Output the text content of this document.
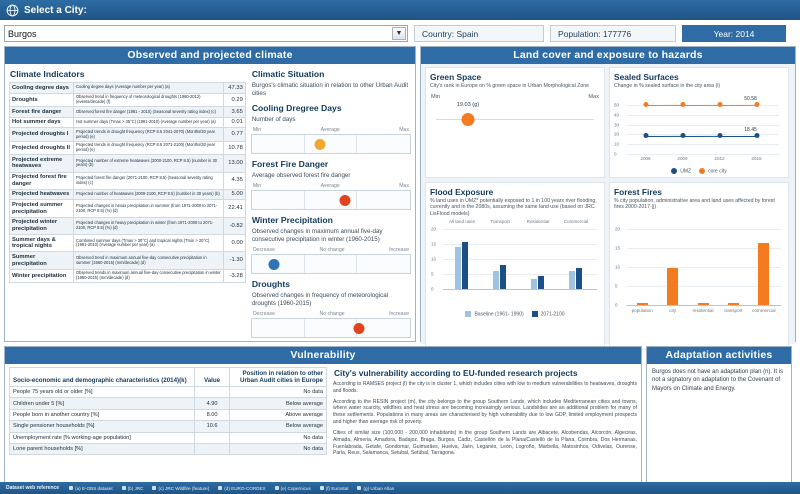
Select a City:
Burgos	▼	Country: Spain	Population: 177776	Year: 2014
Observed and projected climate
Climate Indicators
Cooling degree days	Cooling degree days (Average number per year) (a)	47.33
Droughts	Observed trend in frequency of meteorological droughts (1960-2012) (events/decade) (f)	0.29
Forest fire danger	Observed forest fire danger (1981 - 2010) (Seasonal severity rating index) (c)	3.65
Hot summer days	Hot summer days (Tmax > 35°C) (1981-2010) (Average number per year) (a)	0.01
Projected droughts I	Projected trends in drought frequency (RCP 8.5 2041-2070) (Months/30 year period) (e)	0.77
Projected droughts II	Projected trends in drought frequency (RCP 8.5 2071-2100) (Months/30 year period) (e)	10.78
Projected extreme heatwaves	Projected number of extreme heatwaves (2000-2100, RCP 8.5) (number in 30 years) (b)	13.00
Projected forest fire danger	Projected forest fire danger (2071-2100, RCP 8.5) (Seasonal severity rating index) (c)	4.35
Projected heatwaves	Projected number of heatwaves (2000-2100, RCP 8.5) (number in 30 years) (b)	5.00
Projected summer precipitation	Projected changes in hexax precipitation in summer (from 1971-2000 to 2071-2100, RCP 8.5) (%) (d)	22.41
Projected winter precipitation	Projected changes in heavy precipitation in winter (from 1971-2000 to 2071-2100, RCP 8.5) (%) (d)	-0.82
Summer days & tropical nights	Combined summer days (Tmax > 30°C) and tropical nights (Tmin > 20°C) (1981-2010) (Average number per year) (a)	0.00
Summer precipitation	Observed trend in maximum annual five-day consecutive precipitation in summer (1960-2015) (mm/decade) (d)	-1.30
Winter precipitation	Observed trends in maximum annual five-day consecutive precipitation in winter (1960-2015) (mm/decade) (d)	-3.28
Climatic Situation
Burgos's climatic situation in relation to other Urban Audit cities
Cooling Dregree Days
Number of days
Min	Average	Max
Forest Fire Danger
Average observed forest fire danger
Min	Average	Max
Winter Precipitation
Observed changes in maximum annual five-day consecutive precipitation in winter (1960-2015)
Decrease	No change	Increase
Droughts
Observed changes in frequency of meteorological droughts (1960-2015)
Decrease	No change	Increase
Land cover and exposure to hazards
Green Space
City's rank in Europe on % green space in Urban Morphological Zone
Min	Max
19.03 (g)
Sealed Surfaces
Change in % sealed surface in the city area (i)
0
10
20
30
40
50
2006	2009	2012	2015
18.45
50.58
UMZ	core city
Flood Exposure
% land uses in UMZ* potentially exposed to 1 in 100 years river flooding, currently and in the 2080s, assuming the same land use (based on JRC LisFlood models)
0
5
10
15
20
All land uses	Transport	Residential	Commercial
Baseline (1961- 1990)	2071-2100
Forest Fires
% city population, administrative area and land uses affected by forest fires 2000-2017 (j)
0
5
10
15
20
population	city	residential	transport	commercial
Vulnerability
Socio-economic and demographic characteristics (2014)(k)	Value	Position in relation to other Urban Audit cities in Europe
People 75 years old or older [%]		No data
Children under 5 [%]	4.90	Below average
People born in another country [%]	8.00	Above average
Single pensioner households [%]	10.6	Below average
Unemployment rate [% working-age population]		No data
Lone parent households [%]		No data
City's vulnerability according to EU-funded research projects
According to RAMSES project (l) the city is in cluster 1, which includes cities with low to medium vulnerabilities to heatwaves, droughts and floods.
According to the RESIN project (m), the city belongs to the group Southern Lands, which includes Mediterranean cities and towns, where water scarcity, wildfires and heat stress are becoming increasingly serious. Landslides are an additional problem for many of these settlements. Populations in many areas are characterised by high vulnerability due to low GDP, limited employment prospects and higher than average risk of poverty.
Cities of similar size (100,000 - 200,000 inhabitants) in the group Southern Lands are Albacete, Alcobendas, Alcorcón, Algeciras, Almada, Almeria, Amadora, Badajoz, Braga, Burgos, Cádiz, Castellón de la Plana/Castelló de la Plana, Coimbra, Dos Hermanas, Fuenlabrada, Getafe, Gondomar, Guimarães, Huelva, Jaén, Leganés, León, Logroño, Marbella, Matosinhos, Odivelas, Ourense, Parla, Reus, Salamanca, Setubal, Setúbal, Tarragona.
Adaptation activities
Burgos does not have an adaptation plan (n). It is not a signatory on adaptation to the Covenant of Mayors on Climate and Energy.
Dataset web reference	(a) E-OBS dataset	(b) JRC	(c) JRC Wildfire (feature)	(d) EURO-CORDEX	(e) Copernicus	(f) Eurostat	(g) Urban Atlas
